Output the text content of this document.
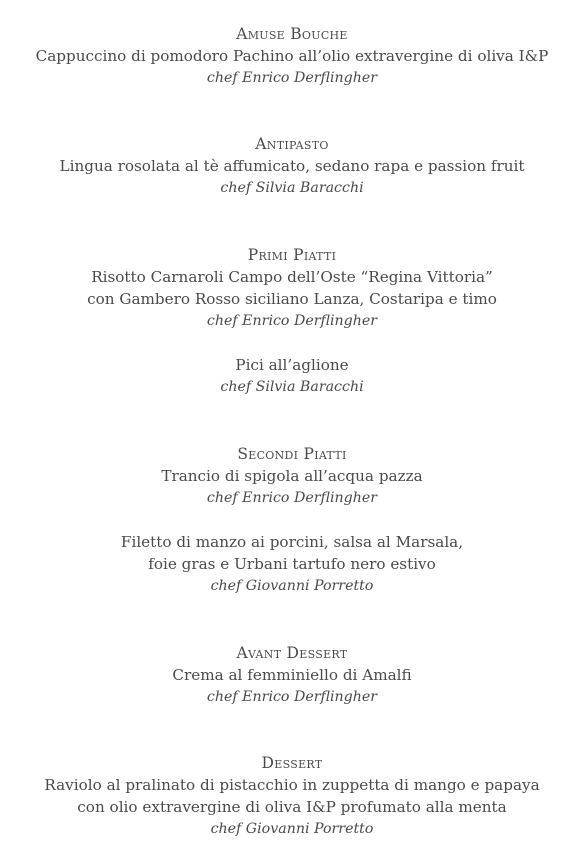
Amuse Bouche
Cappuccino di pomodoro Pachino all’olio extravergine di oliva I&P
chef Enrico Derflingher
Antipasto
Lingua rosolata al tè affumicato, sedano rapa e passion fruit
chef Silvia Baracchi
Primi Piatti
Risotto Carnaroli Campo dell’Oste “Regina Vittoria”
con Gambero Rosso siciliano Lanza, Costaripa e timo
chef Enrico Derflingher
Pici all’aglione
chef Silvia Baracchi
Secondi Piatti
Trancio di spigola all’acqua pazza
chef Enrico Derflingher
Filetto di manzo ai porcini, salsa al Marsala,
foie gras e Urbani tartufo nero estivo
chef Giovanni Porretto
Avant Dessert
Crema al femminiello di Amalfi
chef Enrico Derflingher
Dessert
Raviolo al pralinato di pistacchio in zuppetta di mango e papaya
con olio extravergine di oliva I&P profumato alla menta
chef Giovanni Porretto
